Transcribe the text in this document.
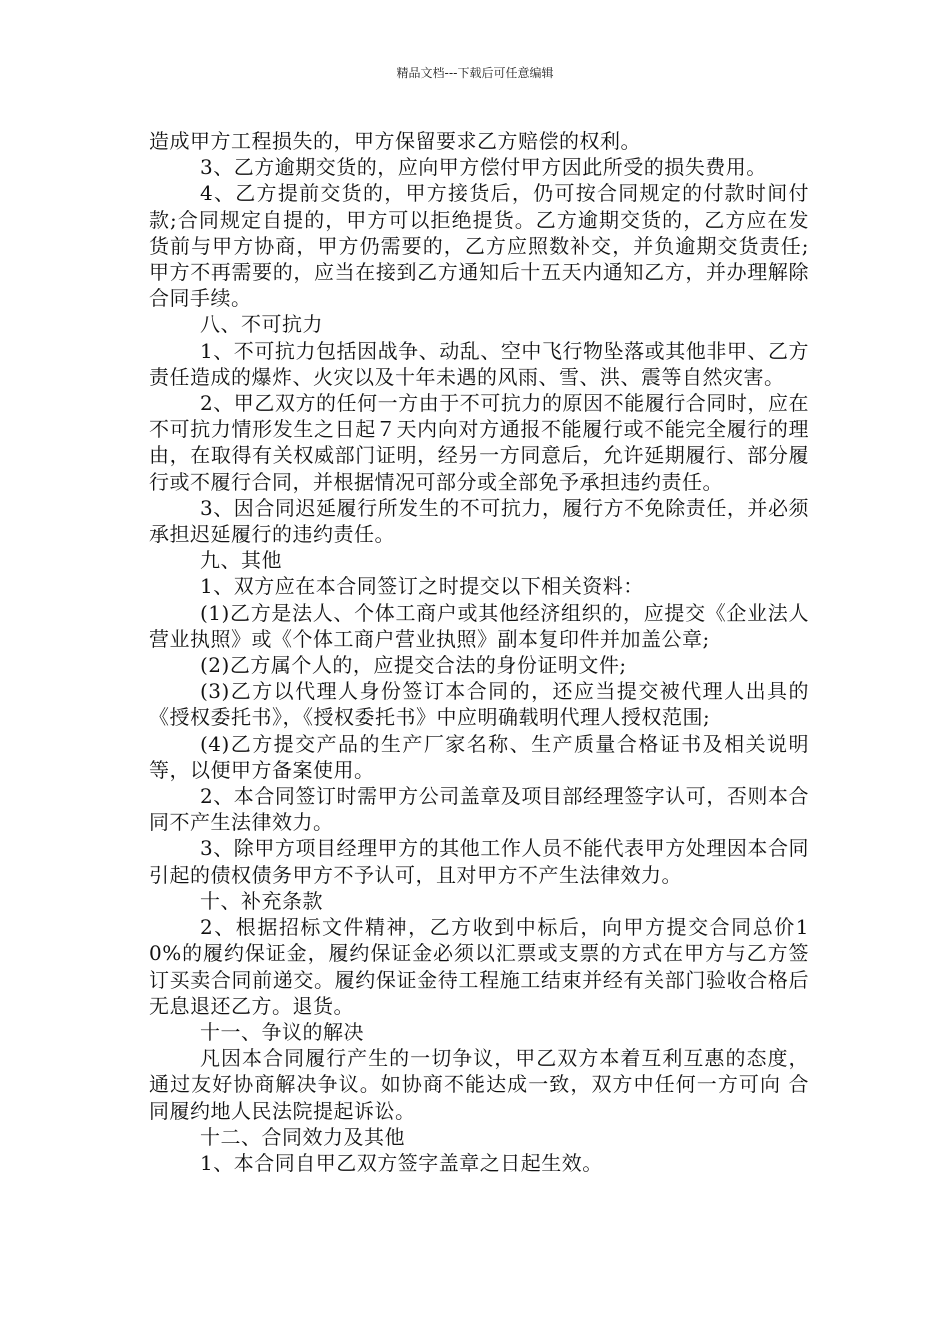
精品文档---下载后可任意编辑

造成甲方工程损失的，甲方保留要求乙方赔偿的权利。

3、乙方逾期交货的，应向甲方偿付甲方因此所受的损失费用。

4、乙方提前交货的，甲方接货后，仍可按合同规定的付款时间付款;合同规定自提的，甲方可以拒绝提货。乙方逾期交货的，乙方应在发货前与甲方协商，甲方仍需要的，乙方应照数补交，并负逾期交货责任;甲方不再需要的，应当在接到乙方通知后十五天内通知乙方，并办理解除合同手续。

八、不可抗力

1、不可抗力包括因战争、动乱、空中飞行物坠落或其他非甲、乙方责任造成的爆炸、火灾以及十年未遇的风雨、雪、洪、震等自然灾害。

2、甲乙双方的任何一方由于不可抗力的原因不能履行合同时，应在不可抗力情形发生之日起７天内向对方通报不能履行或不能完全履行的理由，在取得有关权威部门证明，经另一方同意后，允许延期履行、部分履行或不履行合同，并根据情况可部分或全部免予承担违约责任。

3、因合同迟延履行所发生的不可抗力，履行方不免除责任，并必须承担迟延履行的违约责任。

九、其他

1、双方应在本合同签订之时提交以下相关资料：

(1)乙方是法人、个体工商户或其他经济组织的，应提交《企业法人营业执照》或《个体工商户营业执照》副本复印件并加盖公章;

(2)乙方属个人的，应提交合法的身份证明文件;

(3)乙方以代理人身份签订本合同的，还应当提交被代理人出具的《授权委托书》，《授权委托书》中应明确载明代理人授权范围;

(4)乙方提交产品的生产厂家名称、生产质量合格证书及相关说明等，以便甲方备案使用。

2、本合同签订时需甲方公司盖章及项目部经理签字认可，否则本合同不产生法律效力。

3、除甲方项目经理甲方的其他工作人员不能代表甲方处理因本合同引起的债权债务甲方不予认可，且对甲方不产生法律效力。

十、补充条款

2、根据招标文件精神，乙方收到中标后，向甲方提交合同总价10%的履约保证金，履约保证金必须以汇票或支票的方式在甲方与乙方签订买卖合同前递交。履约保证金待工程施工结束并经有关部门验收合格后无息退还乙方。退货。

十一、争议的解决

凡因本合同履行产生的一切争议，甲乙双方本着互利互惠的态度，通过友好协商解决争议。如协商不能达成一致，双方中任何一方可向 合同履约地人民法院提起诉讼。

十二、合同效力及其他

1、本合同自甲乙双方签字盖章之日起生效。
